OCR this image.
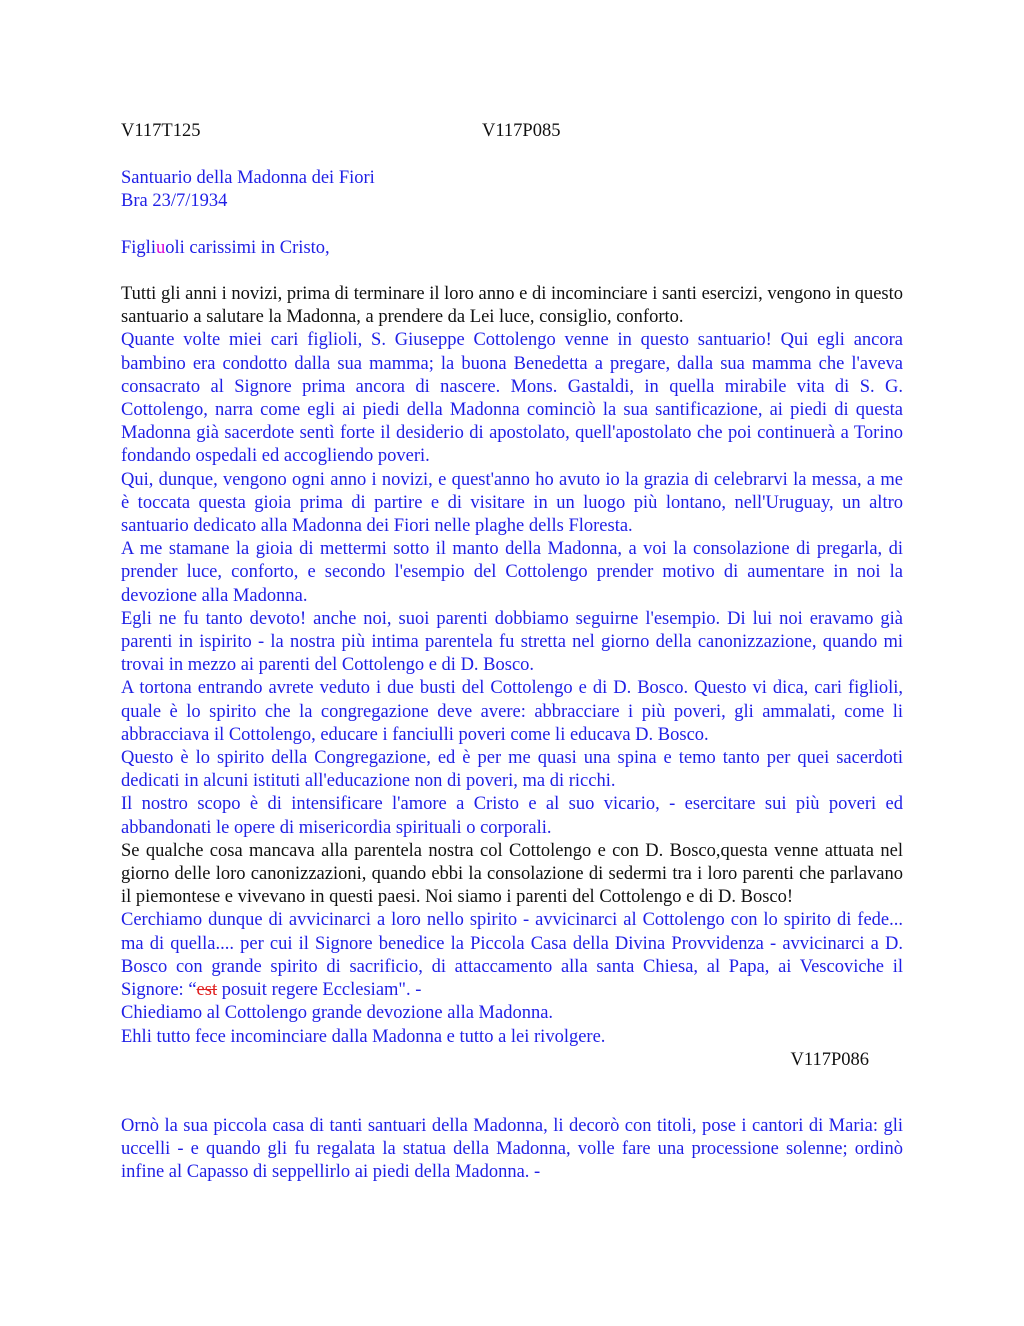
V117T125	V117P085
Santuario della Madonna dei Fiori
Bra 23/7/1934
Figliuoli carissimi in Cristo,

Tutti gli anni i novizi, prima di terminare il loro anno e di incominciare i santi esercizi, vengono in questo santuario a salutare la Madonna, a prendere da Lei luce, consiglio, conforto.

Quante volte miei cari figlioli, S. Giuseppe Cottolengo venne in questo santuario! Qui egli ancora bambino era condotto dalla sua mamma; la buona Benedetta a pregare, dalla sua mamma che l'aveva consacrato al Signore prima ancora di nascere. Mons. Gastaldi, in quella mirabile vita di S. G. Cottolengo, narra come egli ai piedi della Madonna cominciò la sua santificazione, ai piedi di questa Madonna già sacerdote sentì forte il desiderio di apostolato, quell'apostolato che poi continuerà a Torino fondando ospedali ed accogliendo poveri.

Qui, dunque, vengono ogni anno i novizi, e quest'anno ho avuto io la grazia di celebrarvi la messa, a me è toccata questa gioia prima di partire e di visitare in un luogo più lontano, nell'Uruguay, un altro santuario dedicato alla Madonna dei Fiori nelle plaghe dells Floresta.

A me stamane la gioia di mettermi sotto il manto della Madonna, a voi la consolazione di pregarla, di prender luce, conforto, e secondo l'esempio del Cottolengo prender motivo di aumentare in noi la devozione alla Madonna.

Egli ne fu tanto devoto! anche noi, suoi parenti dobbiamo seguirne l'esempio. Di lui noi eravamo già parenti in ispirito - la nostra più intima parentela fu stretta nel giorno della canonizzazione, quando mi trovai in mezzo ai parenti del Cottolengo e di D. Bosco.

A tortona entrando avrete veduto i due busti del Cottolengo e di D. Bosco. Questo vi dica, cari figlioli, quale è lo spirito che la congregazione deve avere: abbracciare i più poveri, gli ammalati, come li abbracciava il Cottolengo, educare i fanciulli poveri come li educava D. Bosco.

Questo è lo spirito della Congregazione, ed è per me quasi una spina e temo tanto per quei sacerdoti dedicati in alcuni istituti all'educazione non di poveri, ma di ricchi.

Il nostro scopo è di intensificare l'amore a Cristo e al suo vicario, - esercitare sui più poveri ed abbandonati le opere di misericordia spirituali o corporali.

Se qualche cosa mancava alla parentela nostra col Cottolengo e con D. Bosco,questa venne attuata nel giorno delle loro canonizzazioni, quando ebbi la consolazione di sedermi tra i loro parenti che parlavano il piemontese e vivevano in questi paesi. Noi siamo i parenti del Cottolengo e di D. Bosco!

Cerchiamo dunque di avvicinarci a loro nello spirito - avvicinarci al Cottolengo con lo spirito di fede... ma di quella.... per cui il Signore benedice la Piccola Casa della Divina Provvidenza - avvicinarci a D. Bosco con grande spirito di sacrificio, di attaccamento alla santa Chiesa, al Papa, ai Vescoviche il Signore: “est posuit regere Ecclesiam". -

Chiediamo al Cottolengo grande devozione alla Madonna.

Ehli tutto fece incominciare dalla Madonna e tutto a lei rivolgere.

V117P086

Ornò la sua piccola casa di tanti santuari della Madonna, li decorò con titoli, pose i cantori di Maria: gli uccelli - e quando gli fu regalata la statua della Madonna, volle fare una processione solenne; ordinò infine al Capasso di seppellirlo ai piedi della Madonna. -
